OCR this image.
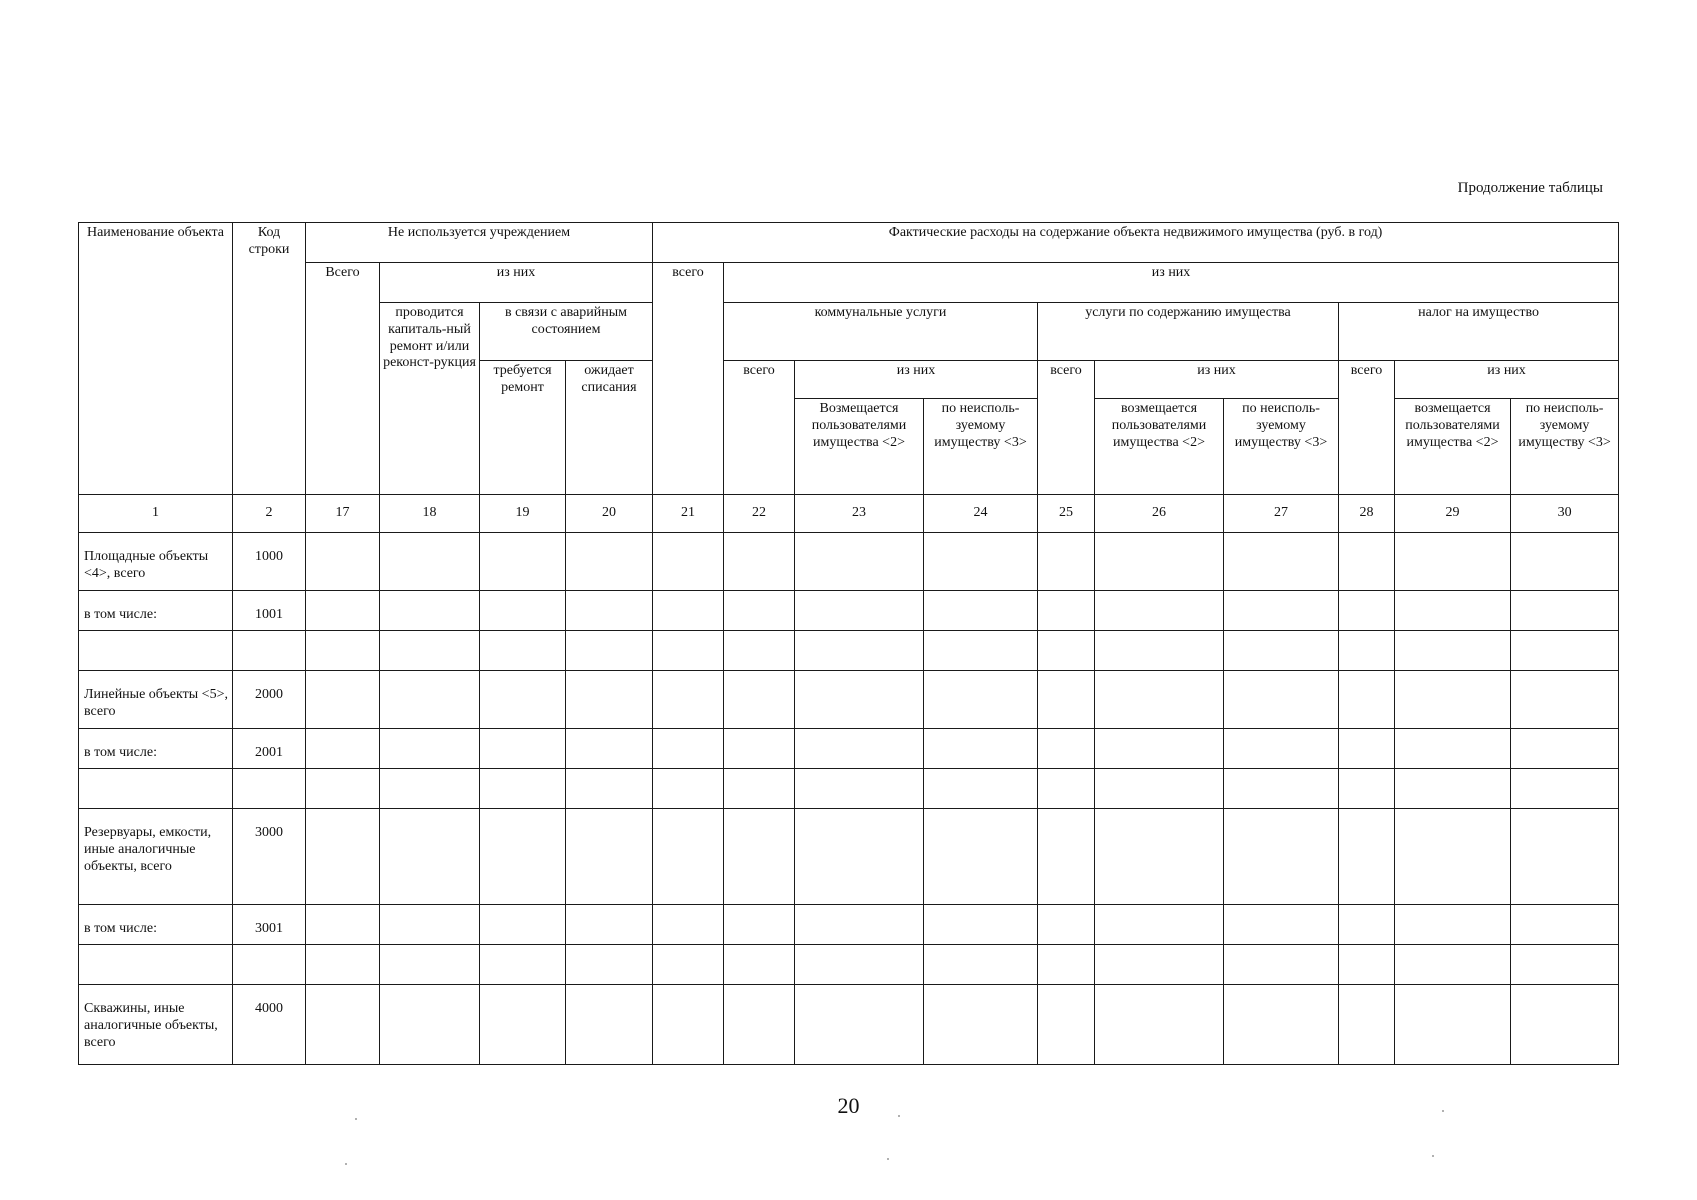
Продолжение таблицы
Наименование объекта	Код строки	Не используется учреждением				Фактические расходы на содержание объекта недвижимого имущества (руб. в год)									
		Всего	из них			всего	из них								
			проводится капиталь-ный ремонт и/или реконст-рукция	в связи с аварийным состоянием			коммунальные услуги			услуги по содержанию имущества			налог на имущество		
				требуется ремонт	ожидает списания		всего	из них		всего	из них		всего	из них	
								Возмещается пользователями имущества <2>	по неисполь-зуемому имуществу <3>		возмещается пользователями имущества <2>	по неисполь-зуемому имуществу <3>		возмещается пользователями имущества <2>	по неисполь-зуемому имуществу <3>
1	2	17	18	19	20	21	22	23	24	25	26	27	28	29	30
Площадные объекты <4>, всего	1000														
в том числе:	1001														

Линейные объекты <5>, всего	2000														
в том числе:	2001														

Резервуары, емкости, иные аналогичные объекты, всего	3000														
в том числе:	3001														

Скважины, иные аналогичные объекты, всего	4000														
20
